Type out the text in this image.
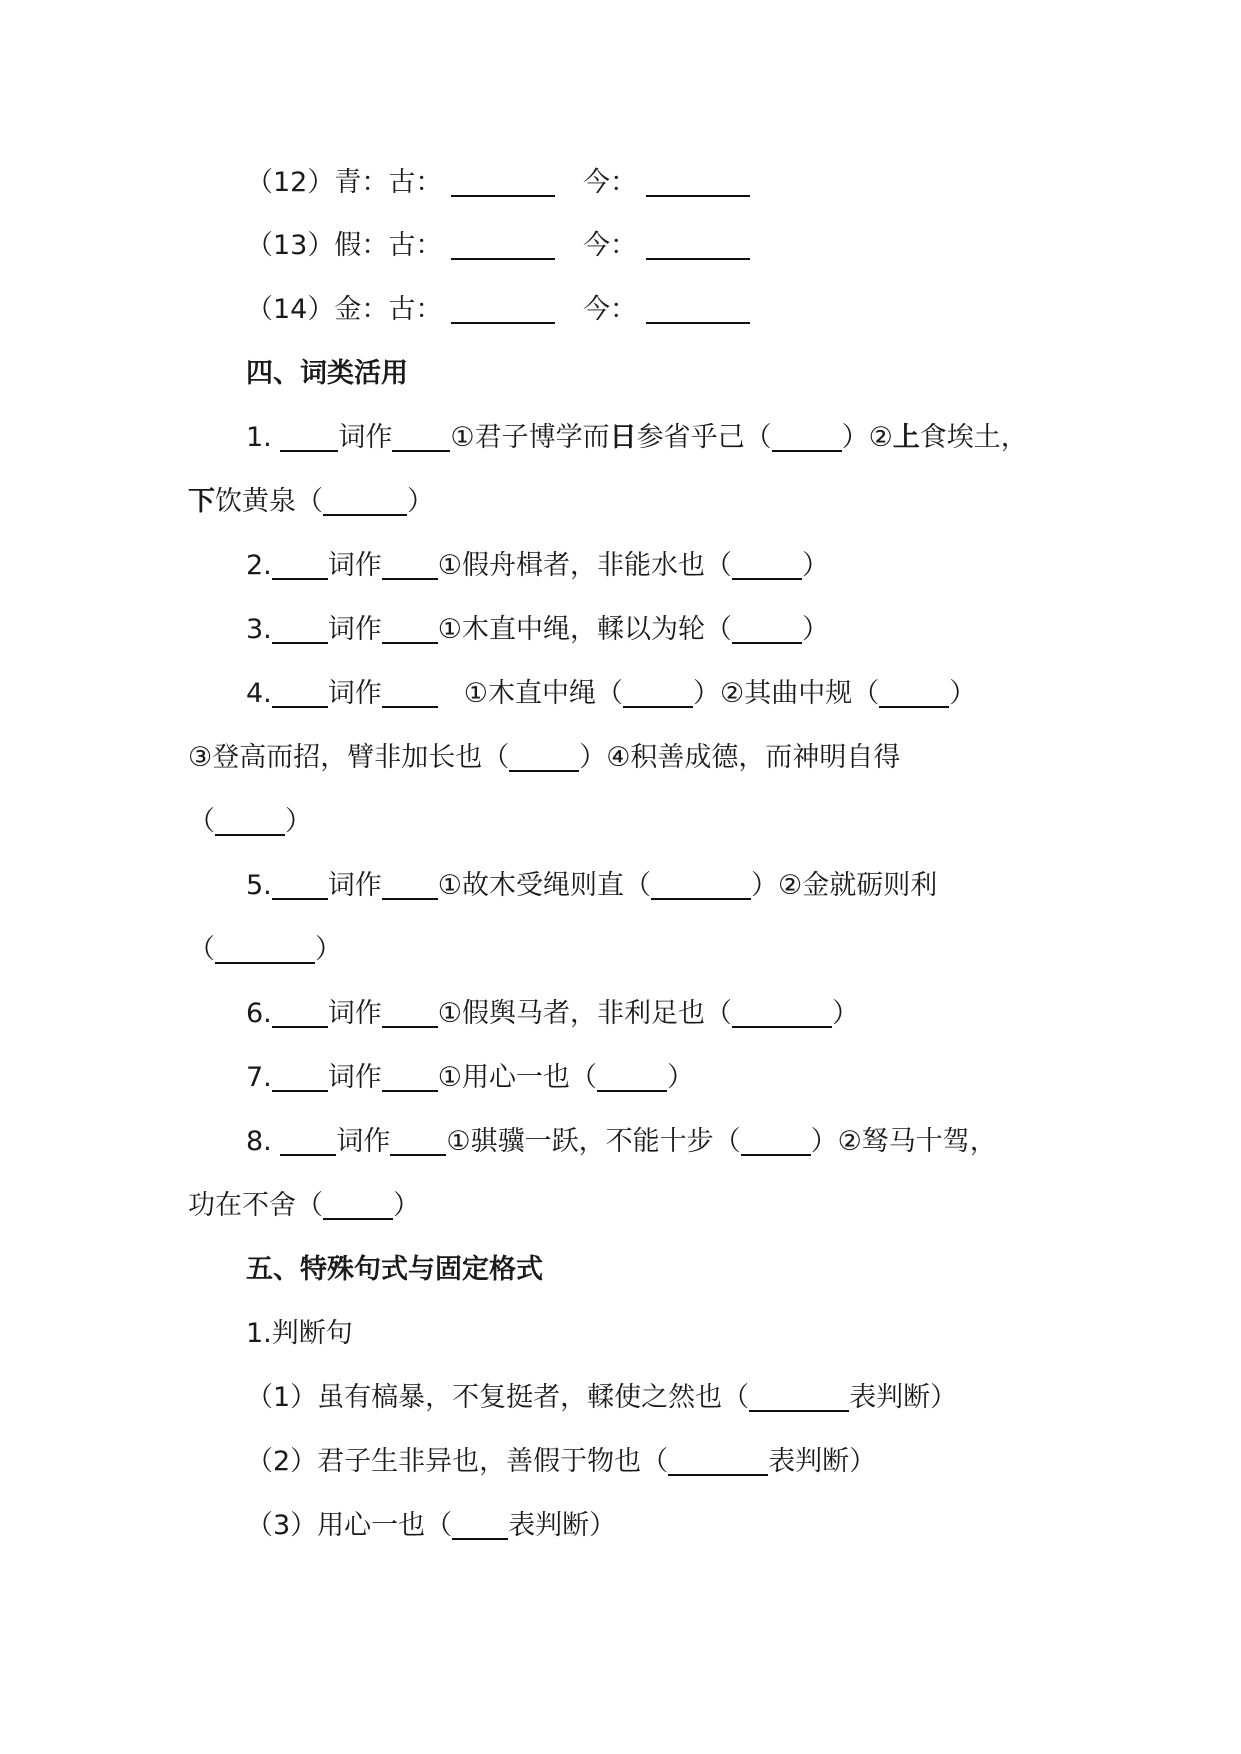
（12）青：古：	今：
（13）假：古：	今：
（14）金：古：	今：
四、词类活用
1. 词作 ①君子博学而日参省乎己（	）②上食埃土，
下饮黄泉（	）
2. 词作 ①假舟楫者，非能水也（	）
3. 词作 ①木直中绳，輮以为轮（	）
4. 词作	①木直中绳（	）②其曲中规（	）
③登高而招，臂非加长也（	）④积善成德，而神明自得
（	）
5. 词作 ①故木受绳则直（	）②金就砺则利
（	）
6. 词作 ①假舆马者，非利足也（	）
7. 词作 ①用心一也（	）
8. 词作 ①骐骥一跃，不能十步（	）②驽马十驾，
功在不舍（	）
五、特殊句式与固定格式
1.判断句
（1）虽有槁暴，不复挺者，輮使之然也（	表判断）
（2）君子生非异也，善假于物也（	表判断）
（3）用心一也（ 表判断）
